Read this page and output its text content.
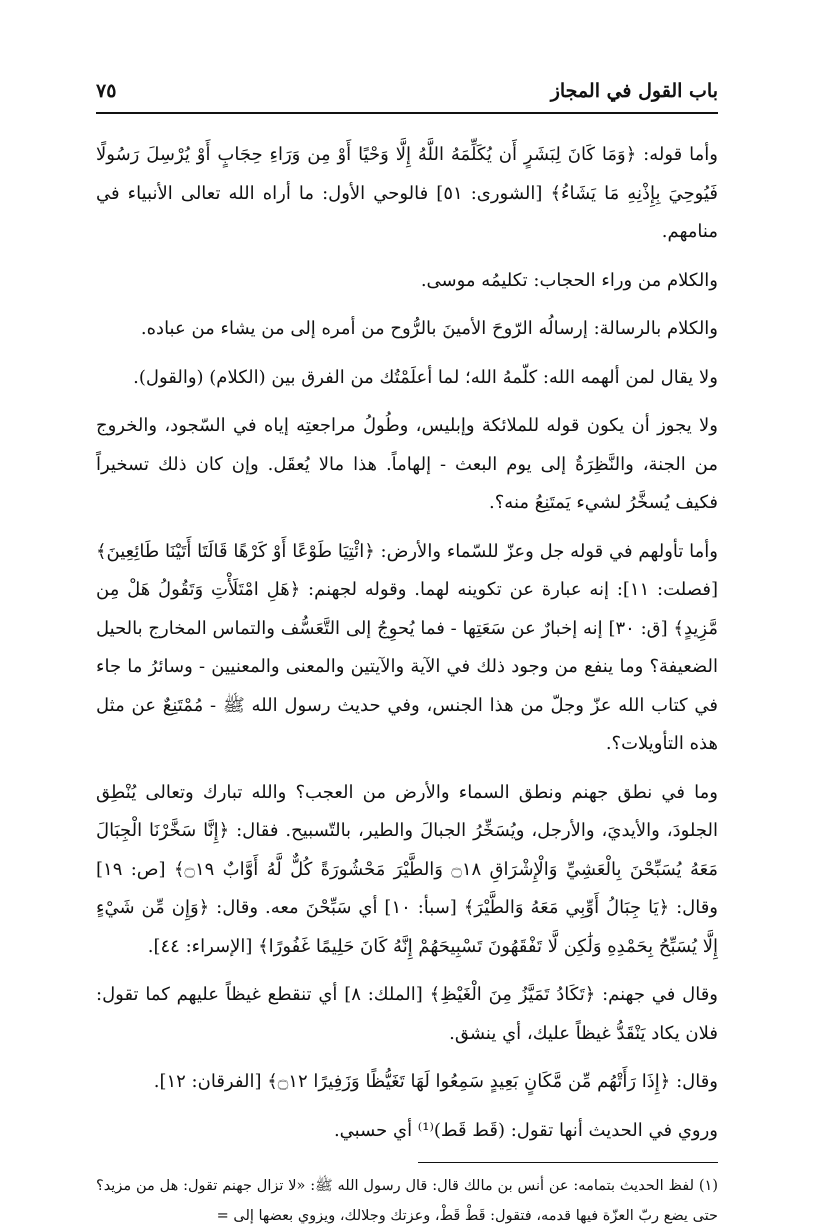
باب القول في المجاز
٧٥

وأما قوله: ﴿وَمَا كَانَ لِبَشَرٍ أَن يُكَلِّمَهُ اللَّهُ إِلَّا وَحْيًا أَوْ مِن وَرَاءِ حِجَابٍ أَوْ يُرْسِلَ رَسُولًا فَيُوحِيَ بِإِذْنِهِ مَا يَشَاءُ﴾ [الشورى: ٥١] فالوحي الأول: ما أراه الله تعالى الأنبياء في منامهم.

والكلام من وراء الحجاب: تكليمُه موسى.

والكلام بالرسالة: إرسالُه الرّوحَ الأمينَ بالرُّوح من أمره إلى من يشاء من عباده.

ولا يقال لمن ألهمه الله: كلّمهُ الله؛ لما أعلَمْتُك من الفرق بين (الكلام) (والقول).

ولا يجوز أن يكون قوله للملائكة وإبليس، وطُولُ مراجعتِه إياه في السّجود، والخروج من الجنة، والنَّظِرَةُ إلى يوم البعث - إلهاماً. هذا مالا يُعقَل. وإن كان ذلك تسخيراً فكيف يُسخَّرُ لشيء يَمتَنِعُ منه؟.

وأما تأولهم في قوله جل وعزّ للسّماء والأرض: ﴿ائْتِيَا طَوْعًا أَوْ كَرْهًا قَالَتَا أَتَيْنَا طَائِعِينَ﴾ [فصلت: ١١]: إنه عبارة عن تكوينه لهما. وقوله لجهنم: ﴿هَلِ امْتَلَأْتِ وَتَقُولُ هَلْ مِن مَّزِيدٍ﴾ [ق: ٣٠] إنه إخبارٌ عن سَعَتِها - فما يُحوِجُ إلى التَّعَسُّف والتماس المخارج بالحيل الضعيفة؟ وما ينفع من وجود ذلك في الآية والآيتين والمعنى والمعنيين - وسائرُ ما جاء في كتاب الله عزّ وجلّ من هذا الجنس، وفي حديث رسول الله ﷺ - مُمْتَنِعٌ عن مثل هذه التأويلات؟.

وما في نطق جهنم ونطق السماء والأرض من العجب؟ والله تبارك وتعالى يُنْطِق الجلودَ، والأيديَ، والأرجل، ويُسَخِّرُ الجبالَ والطير، بالتّسبيح. فقال: ﴿إِنَّا سَخَّرْنَا الْجِبَالَ مَعَهُ يُسَبِّحْنَ بِالْعَشِيِّ وَالْإِشْرَاقِ ۝١٨ وَالطَّيْرَ مَحْشُورَةً كُلٌّ لَّهُ أَوَّابٌ ۝١٩﴾ [ص: ١٩] وقال: ﴿يَا جِبَالُ أَوِّبِي مَعَهُ وَالطَّيْرَ﴾ [سبأ: ١٠] أي سَبِّحْنَ معه. وقال: ﴿وَإِن مِّن شَيْءٍ إِلَّا يُسَبِّحُ بِحَمْدِهِ وَلَٰكِن لَّا تَفْقَهُونَ تَسْبِيحَهُمْ إِنَّهُ كَانَ حَلِيمًا غَفُورًا﴾ [الإسراء: ٤٤].

وقال في جهنم: ﴿تَكَادُ تَمَيَّزُ مِنَ الْغَيْظِ﴾ [الملك: ٨] أي تنقطع غيظاً عليهم كما تقول: فلان يكاد يَنْقَدُّ غيظاً عليك، أي ينشق.

وقال: ﴿إِذَا رَأَتْهُم مِّن مَّكَانٍ بَعِيدٍ سَمِعُوا لَهَا تَغَيُّظًا وَزَفِيرًا ۝١٢﴾ [الفرقان: ١٢].

وروي في الحديث أنها تقول: (قَط قَط)⁽¹⁾ أي حسبي.

(١) لفظ الحديث بتمامه: عن أنس بن مالك قال: قال رسول الله ﷺ: «لا تزال جهنم تقول: هل من مزيد؟ حتى يضع ربّ العزّة فيها قدمه، فتقول: قَطْ قَطْ، وعزتك وجلالك، ويزوي بعضها إلى =
